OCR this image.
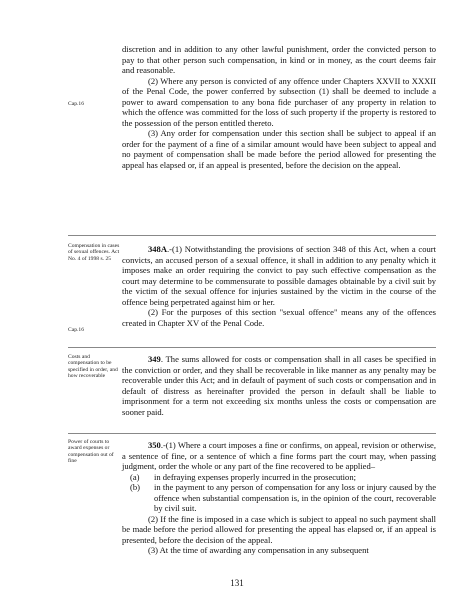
Cap.16
Compensation in cases of sexual offences. Act No. 4 of 1998 s. 25
Cap.16
Costs and compensation to be specified in order, and how recoverable
Power of courts to award expenses or compensation out of fine

discretion and in addition to any other lawful punishment, order the convicted person to pay to that other person such compensation, in kind or in money, as the court deems fair and reasonable.

(2) Where any person is convicted of any offence under Chapters XXVII to XXXII of the Penal Code, the power conferred by subsection (1) shall be deemed to include a power to award compensation to any bona fide purchaser of any property in relation to which the offence was committed for the loss of such property if the property is restored to the possession of the person entitled thereto.

(3) Any order for compensation under this section shall be subject to appeal if an order for the payment of a fine of a similar amount would have been subject to appeal and no payment of compensation shall be made before the period allowed for presenting the appeal has elapsed or, if an appeal is presented, before the decision on the appeal.

348A.-(1) Notwithstanding the provisions of section 348 of this Act, when a court convicts, an accused person of a sexual offence, it shall in addition to any penalty which it imposes make an order requiring the convict to pay such effective compensation as the court may determine to be commensurate to possible damages obtainable by a civil suit by the victim of the sexual offence for injuries sustained by the victim in the course of the offence being perpetrated against him or her.

(2) For the purposes of this section "sexual offence" means any of the offences created in Chapter XV of the Penal Code.

349. The sums allowed for costs or compensation shall in all cases be specified in the conviction or order, and they shall be recoverable in like manner as any penalty may be recoverable under this Act; and in default of payment of such costs or compensation and in default of distress as hereinafter provided the person in default shall be liable to imprisonment for a term not exceeding six months unless the costs or compensation are sooner paid.

350.-(1) Where a court imposes a fine or confirms, on appeal, revision or otherwise, a sentence of fine, or a sentence of which a fine forms part the court may, when passing judgment, order the whole or any part of the fine recovered to be applied–

(a)	in defraying expenses properly incurred in the prosecution;
(b)	in the payment to any person of compensation for any loss or injury caused by the offence when substantial compensation is, in the opinion of the court, recoverable by civil suit.

(2) If the fine is imposed in a case which is subject to appeal no such payment shall be made before the period allowed for presenting the appeal has elapsed or, if an appeal is presented, before the decision of the appeal.

(3) At the time of awarding any compensation in any subsequent

131
